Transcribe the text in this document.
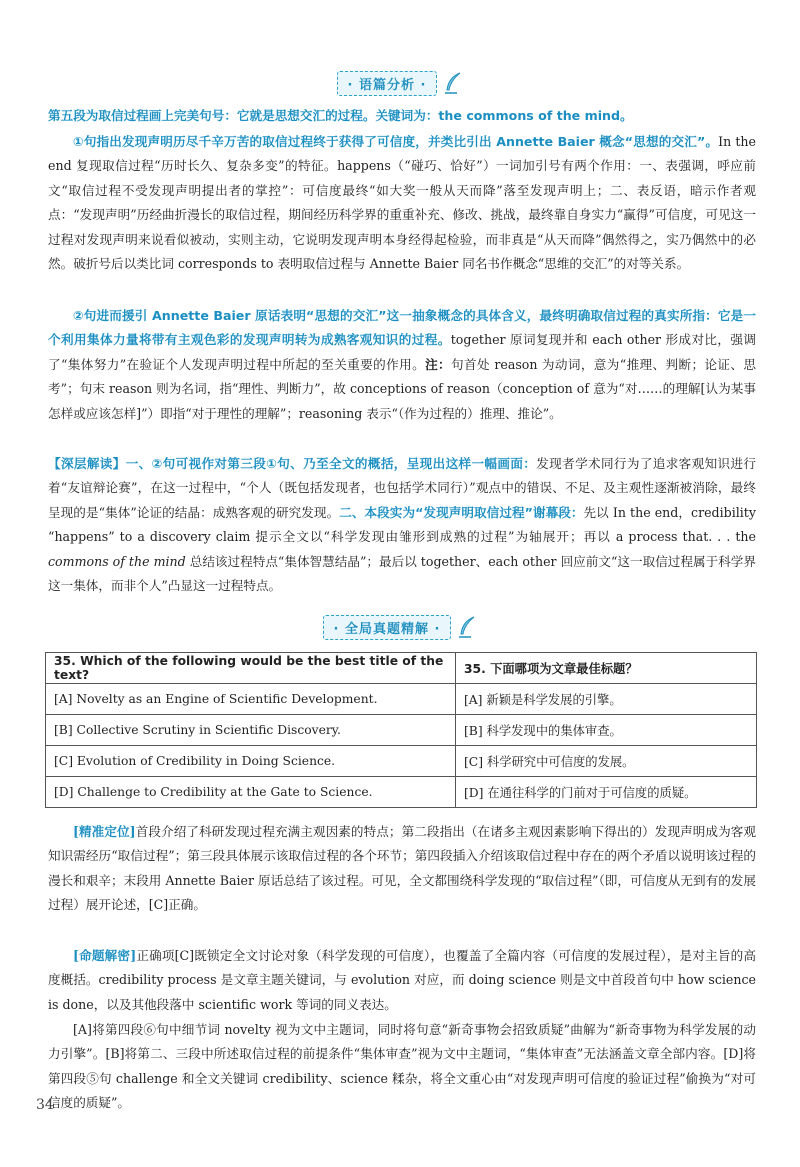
· 语篇分析 ·
第五段为取信过程画上完美句号：它就是思想交汇的过程。关键词为：the commons of the mind。
①句指出发现声明历尽千辛万苦的取信过程终于获得了可信度，并类比引出 Annette Baier 概念“思想的交汇”。In the end 复现取信过程“历时长久、复杂多变”的特征。happens（“碰巧、恰好”）一词加引号有两个作用：一、表强调，呼应前文“取信过程不受发现声明提出者的掌控”：可信度最终“如大奖一般从天而降”落至发现声明上；二、表反语，暗示作者观点：“发现声明”历经曲折漫长的取信过程，期间经历科学界的重重补充、修改、挑战，最终靠自身实力“赢得”可信度，可见这一过程对发现声明来说看似被动，实则主动，它说明发现声明本身经得起检验，而非真是“从天而降”偶然得之，实乃偶然中的必然。破折号后以类比词 corresponds to 表明取信过程与 Annette Baier 同名书作概念“思维的交汇”的对等关系。
②句进而援引 Annette Baier 原话表明“思想的交汇”这一抽象概念的具体含义，最终明确取信过程的真实所指：它是一个利用集体力量将带有主观色彩的发现声明转为成熟客观知识的过程。together 原词复现并和 each other 形成对比，强调了“集体努力”在验证个人发现声明过程中所起的至关重要的作用。注：句首处 reason 为动词，意为“推理、判断；论证、思考”；句末 reason 则为名词，指“理性、判断力”，故 conceptions of reason（conception of 意为“对……的理解[认为某事怎样或应该怎样]”）即指“对于理性的理解”；reasoning 表示“（作为过程的）推理、推论”。
【深层解读】一、②句可视作对第三段①句、乃至全文的概括，呈现出这样一幅画面：发现者学术同行为了追求客观知识进行着“友谊辩论赛”，在这一过程中，“个人（既包括发现者，也包括学术同行）”观点中的错误、不足、及主观性逐渐被消除，最终呈现的是“集体”论证的结晶：成熟客观的研究发现。二、本段实为“发现声明取信过程”谢幕段：先以 In the end，credibility “happens” to a discovery claim 提示全文以“科学发现由雏形到成熟的过程”为轴展开；再以 a process that. . . the commons of the mind 总结该过程特点“集体智慧结晶”；最后以 together、each other 回应前文“这一取信过程属于科学界这一集体，而非个人”凸显这一过程特点。
· 全局真题精解 ·
35. Which of the following would be the best title of the text?	35. 下面哪项为文章最佳标题？
[A] Novelty as an Engine of Scientific Development.	[A] 新颖是科学发展的引擎。
[B] Collective Scrutiny in Scientific Discovery.	[B] 科学发现中的集体审查。
[C] Evolution of Credibility in Doing Science.	[C] 科学研究中可信度的发展。
[D] Challenge to Credibility at the Gate to Science.	[D] 在通往科学的门前对于可信度的质疑。
[精准定位]首段介绍了科研发现过程充满主观因素的特点；第二段指出（在诸多主观因素影响下得出的）发现声明成为客观知识需经历“取信过程”；第三段具体展示该取信过程的各个环节；第四段插入介绍该取信过程中存在的两个矛盾以说明该过程的漫长和艰辛；末段用 Annette Baier 原话总结了该过程。可见，全文都围绕科学发现的“取信过程”（即，可信度从无到有的发展过程）展开论述，[C]正确。
[命题解密]正确项[C]既锁定全文讨论对象（科学发现的可信度），也覆盖了全篇内容（可信度的发展过程），是对主旨的高度概括。credibility process 是文章主题关键词，与 evolution 对应，而 doing science 则是文中首段首句中 how science is done，以及其他段落中 scientific work 等词的同义表达。
[A]将第四段⑥句中细节词 novelty 视为文中主题词，同时将句意“新奇事物会招致质疑”曲解为“新奇事物为科学发展的动力引擎”。[B]将第二、三段中所述取信过程的前提条件“集体审查”视为文中主题词，“集体审查”无法涵盖文章全部内容。[D]将第四段⑤句 challenge 和全文关键词 credibility、science 糅杂，将全文重心由“对发现声明可信度的验证过程”偷换为“对可信度的质疑”。
34
